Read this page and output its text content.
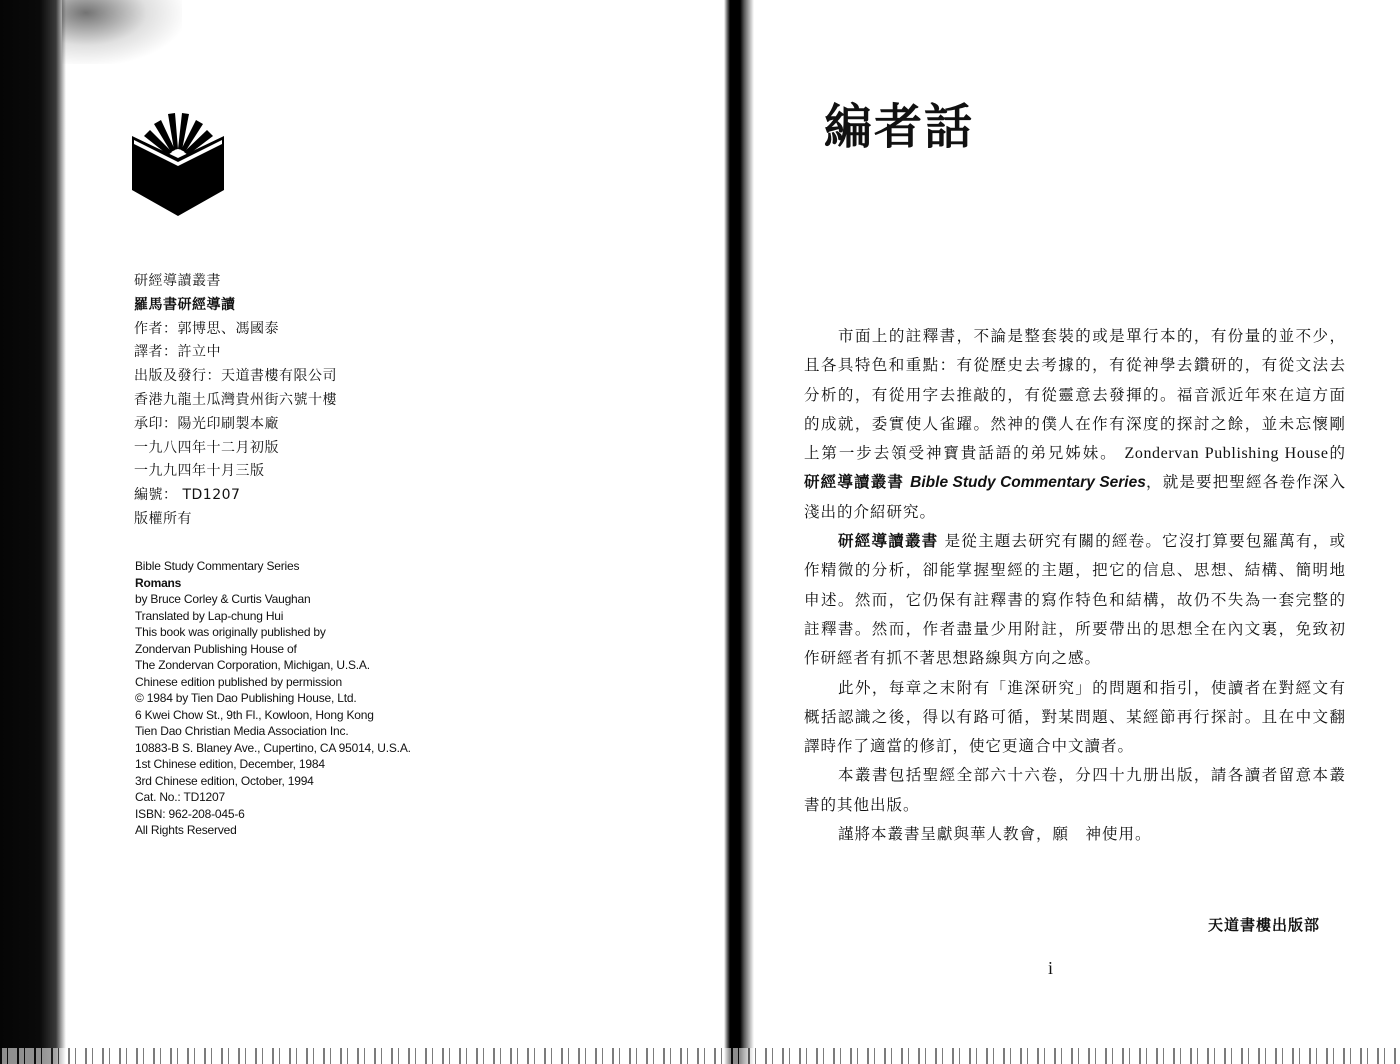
研經導讀叢書
羅馬書研經導讀
作者：郭博思、馮國泰
譯者：許立中
出版及發行：天道書樓有限公司
香港九龍土瓜灣貴州街六號十樓
承印：陽光印刷製本廠
一九八四年十二月初版
一九九四年十月三版
編號： TD1207
版權所有
Bible Study Commentary Series
Romans
by Bruce Corley & Curtis Vaughan
Translated by Lap-chung Hui
This book was originally published by
Zondervan Publishing House of
The Zondervan Corporation, Michigan, U.S.A.
Chinese edition published by permission
© 1984 by Tien Dao Publishing House, Ltd.
6 Kwei Chow St., 9th Fl., Kowloon, Hong Kong
Tien Dao Christian Media Association Inc.
10883-B S. Blaney Ave., Cupertino, CA 95014, U.S.A.
1st Chinese edition, December, 1984
3rd Chinese edition, October, 1994
Cat. No.: TD1207
ISBN: 962-208-045-6
All Rights Reserved
編者話

市面上的註釋書，不論是整套裝的或是單行本的，有份量的並不少，且各具特色和重點：有從歷史去考據的，有從神學去鑽研的，有從文法去分析的，有從用字去推敲的，有從靈意去發揮的。福音派近年來在這方面的成就，委實使人雀躍。然神的僕人在作有深度的探討之餘，並未忘懷剛上第一步去領受神寶貴話語的弟兄姊妹。 Zondervan Publishing House的 研經導讀叢書 Bible Study Commentary Series，就是要把聖經各卷作深入淺出的介紹研究。

研經導讀叢書 是從主題去研究有關的經卷。它沒打算要包羅萬有，或作精微的分析，卻能掌握聖經的主題，把它的信息、思想、結構、簡明地申述。然而，它仍保有註釋書的寫作特色和結構，故仍不失為一套完整的註釋書。然而，作者盡量少用附註，所要帶出的思想全在內文裏，免致初作研經者有抓不著思想路線與方向之感。

此外，每章之末附有「進深研究」的問題和指引，使讀者在對經文有概括認識之後，得以有路可循，對某問題、某經節再行探討。且在中文翻譯時作了適當的修訂，使它更適合中文讀者。

本叢書包括聖經全部六十六卷，分四十九册出版，請各讀者留意本叢書的其他出版。

謹將本叢書呈獻與華人教會，願　神使用。

天道書樓出版部
i
